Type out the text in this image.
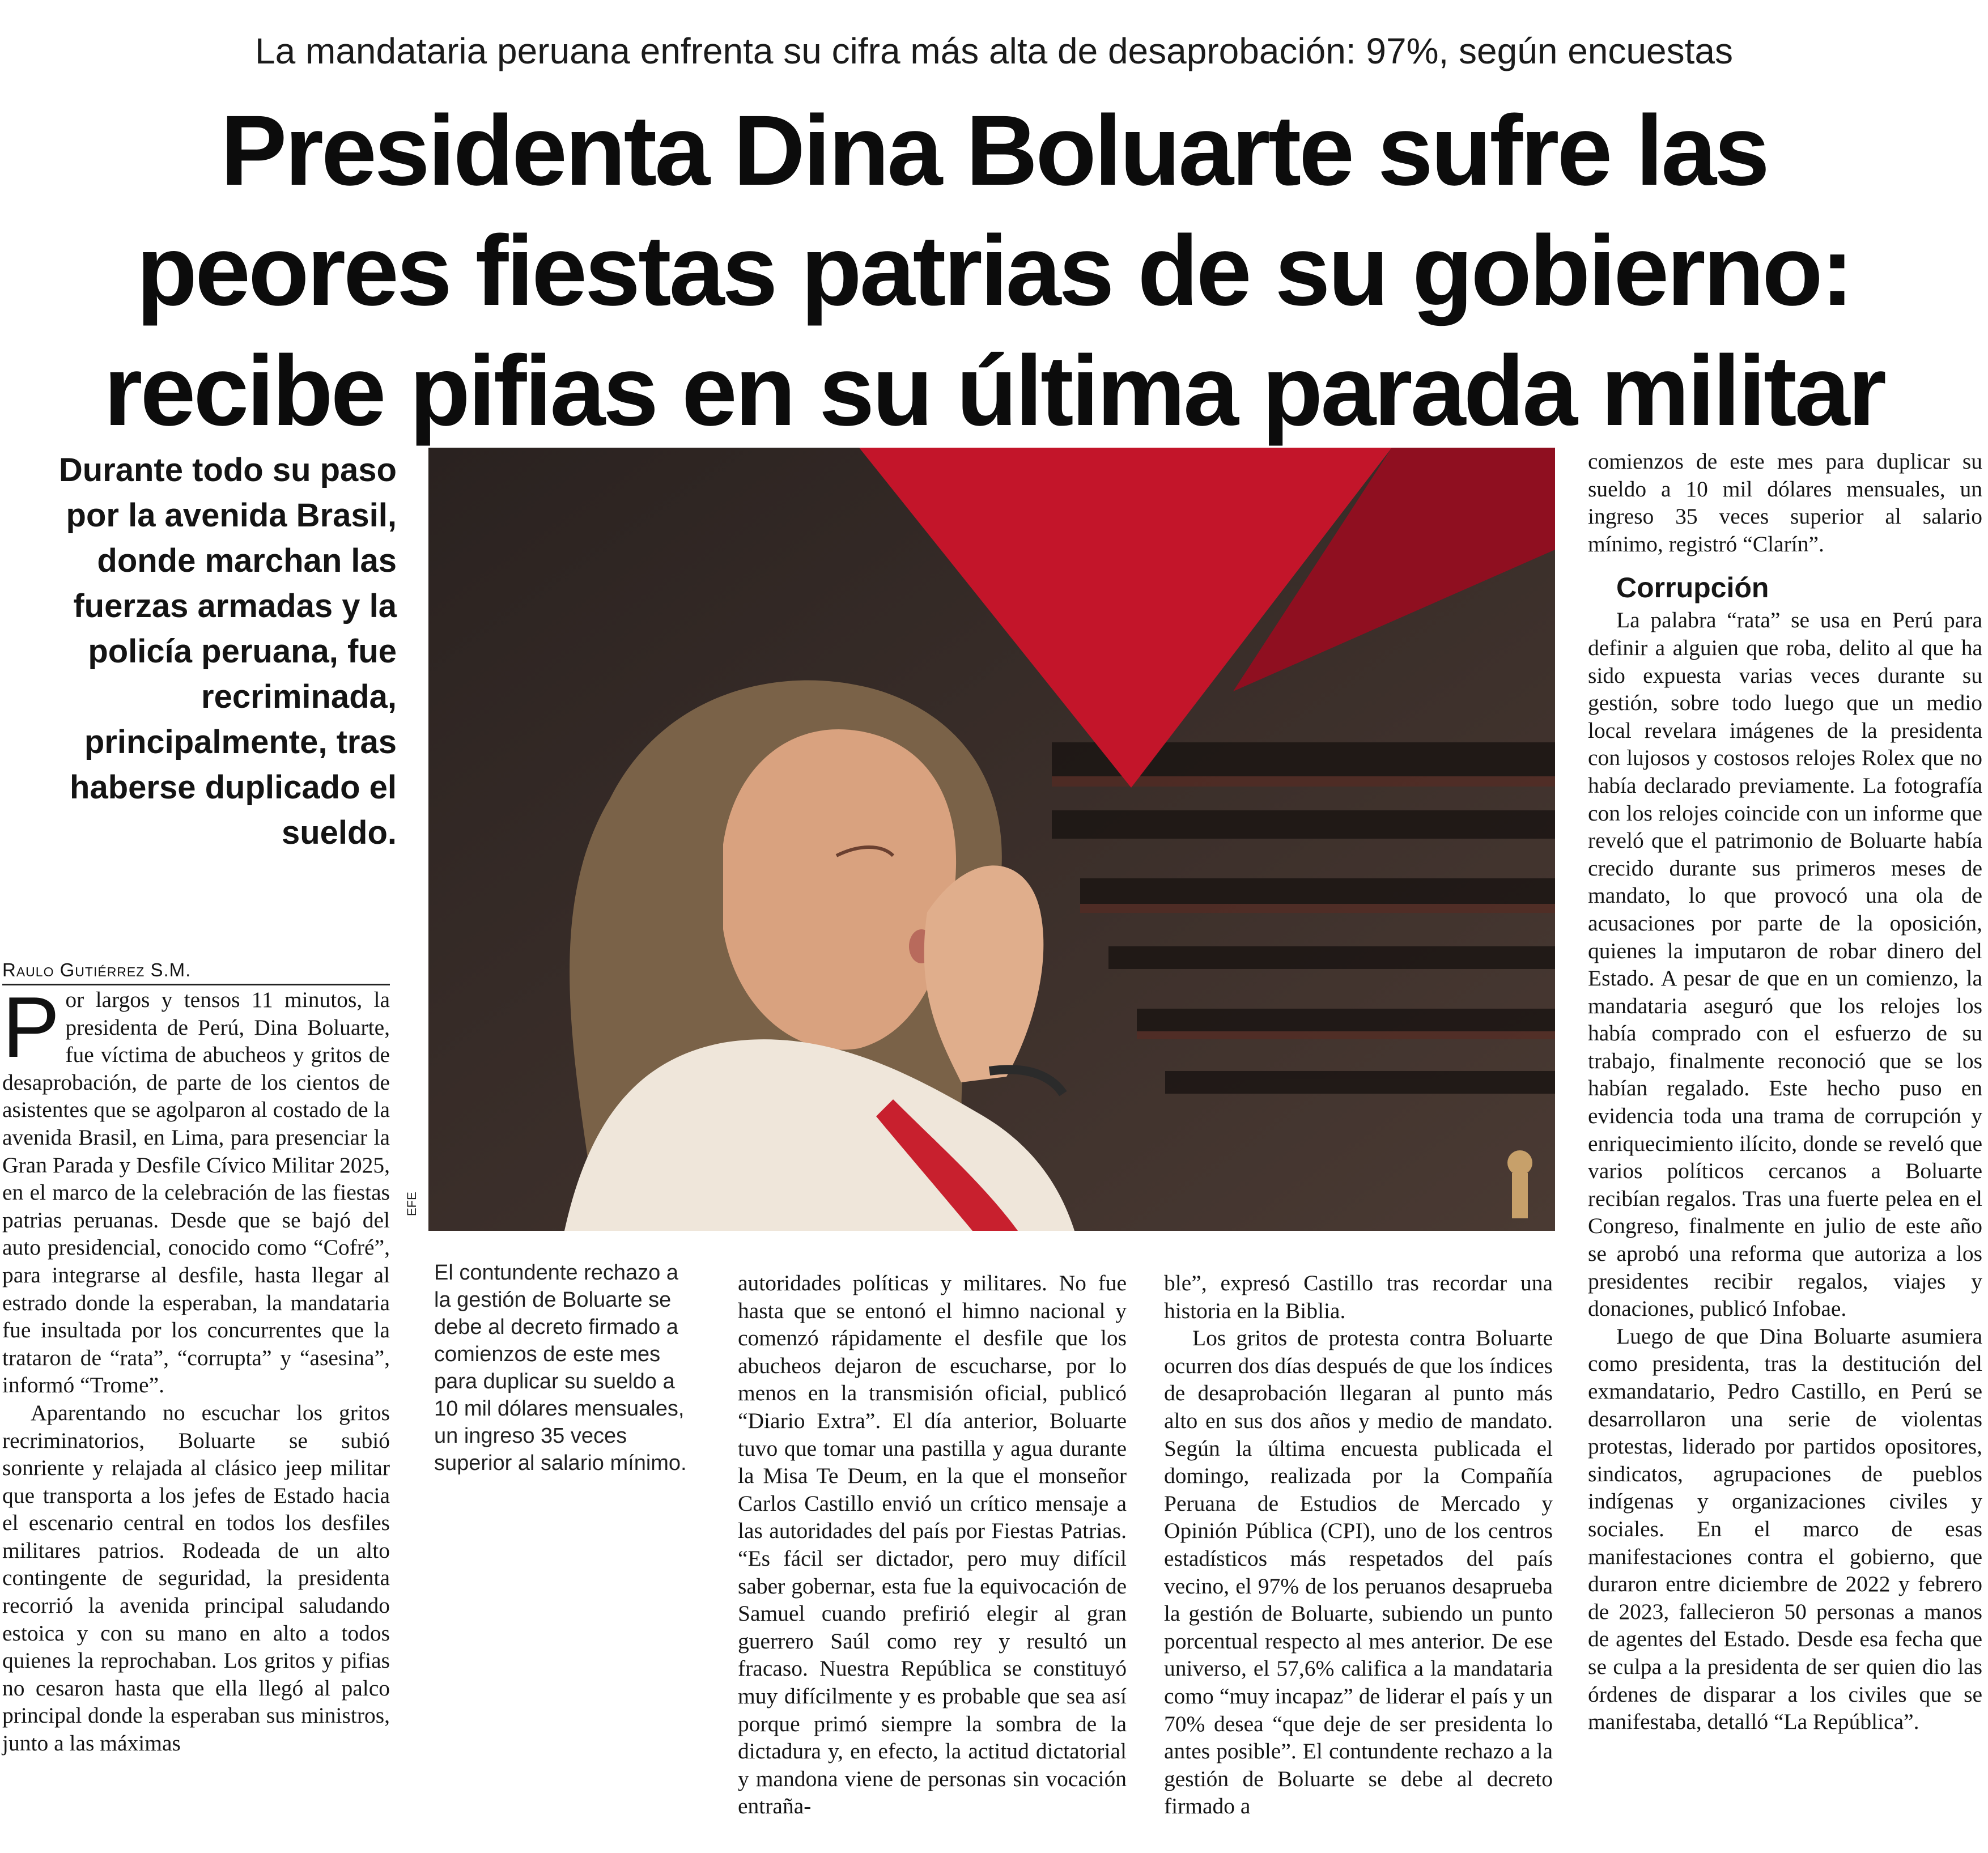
La mandataria peruana enfrenta su cifra más alta de desaprobación: 97%, según encuestas
Presidenta Dina Boluarte sufre las peores fiestas patrias de su gobierno: recibe pifias en su última parada militar
Durante todo su paso por la avenida Brasil, donde marchan las fuerzas armadas y la policía peruana, fue recriminada, principalmente, tras haberse duplicado el sueldo.
Raulo Gutiérrez S.M.

Por largos y tensos 11 minutos, la presidenta de Perú, Dina Boluarte, fue víctima de abucheos y gritos de desaprobación, de parte de los cientos de asistentes que se agolparon al costado de la avenida Brasil, en Lima, para presenciar la Gran Parada y Desfile Cívico Militar 2025, en el marco de la celebración de las fiestas patrias peruanas. Desde que se bajó del auto presidencial, conocido como “Cofré”, para integrarse al desfile, hasta llegar al estrado donde la esperaban, la mandataria fue insultada por los concurrentes que la trataron de “rata”, “corrupta” y “asesina”, informó “Trome”.

Aparentando no escuchar los gritos recriminatorios, Boluarte se subió sonriente y relajada al clásico jeep militar que transporta a los jefes de Estado hacia el escenario central en todos los desfiles militares patrios. Rodeada de un alto contingente de seguridad, la presidenta recorrió la avenida principal saludando estoica y con su mano en alto a todos quienes la reprochaban. Los gritos y pifias no cesaron hasta que ella llegó al palco principal donde la esperaban sus ministros, junto a las máximas

EFE
El contundente rechazo a la gestión de Boluarte se debe al decreto firmado a comienzos de este mes para duplicar su sueldo a 10 mil dólares mensuales, un ingreso 35 veces superior al salario mínimo.

autoridades políticas y militares. No fue hasta que se entonó el himno nacional y comenzó rápidamente el desfile que los abucheos dejaron de escucharse, por lo menos en la transmisión oficial, publicó “Diario Extra”. El día anterior, Boluarte tuvo que tomar una pastilla y agua durante la Misa Te Deum, en la que el monseñor Carlos Castillo envió un crítico mensaje a las autoridades del país por Fiestas Patrias. “Es fácil ser dictador, pero muy difícil saber gobernar, esta fue la equivocación de Samuel cuando prefirió elegir al gran guerrero Saúl como rey y resultó un fracaso. Nuestra República se constituyó muy difícilmente y es probable que sea así porque primó siempre la sombra de la dictadura y, en efecto, la actitud dictatorial y mandona viene de personas sin vocación entraña-

ble”, expresó Castillo tras recordar una historia en la Biblia.

Los gritos de protesta contra Boluarte ocurren dos días después de que los índices de desaprobación llegaran al punto más alto en sus dos años y medio de mandato. Según la última encuesta publicada el domingo, realizada por la Compañía Peruana de Estudios de Mercado y Opinión Pública (CPI), uno de los centros estadísticos más respetados del país vecino, el 97% de los peruanos desaprueba la gestión de Boluarte, subiendo un punto porcentual respecto al mes anterior. De ese universo, el 57,6% califica a la mandataria como “muy incapaz” de liderar el país y un 70% desea “que deje de ser presidenta lo antes posible”. El contundente rechazo a la gestión de Boluarte se debe al decreto firmado a

comienzos de este mes para duplicar su sueldo a 10 mil dólares mensuales, un ingreso 35 veces superior al salario mínimo, registró “Clarín”.

Corrupción

La palabra “rata” se usa en Perú para definir a alguien que roba, delito al que ha sido expuesta varias veces durante su gestión, sobre todo luego que un medio local revelara imágenes de la presidenta con lujosos y costosos relojes Rolex que no había declarado previamente. La fotografía con los relojes coincide con un informe que reveló que el patrimonio de Boluarte había crecido durante sus primeros meses de mandato, lo que provocó una ola de acusaciones por parte de la oposición, quienes la imputaron de robar dinero del Estado. A pesar de que en un comienzo, la mandataria aseguró que los relojes los había comprado con el esfuerzo de su trabajo, finalmente reconoció que se los habían regalado. Este hecho puso en evidencia toda una trama de corrupción y enriquecimiento ilícito, donde se reveló que varios políticos cercanos a Boluarte recibían regalos. Tras una fuerte pelea en el Congreso, finalmente en julio de este año se aprobó una reforma que autoriza a los presidentes recibir regalos, viajes y donaciones, publicó Infobae.

Luego de que Dina Boluarte asumiera como presidenta, tras la destitución del exmandatario, Pedro Castillo, en Perú se desarrollaron una serie de violentas protestas, liderado por partidos opositores, sindicatos, agrupaciones de pueblos indígenas y organizaciones civiles y sociales. En el marco de esas manifestaciones contra el gobierno, que duraron entre diciembre de 2022 y febrero de 2023, fallecieron 50 personas a manos de agentes del Estado. Desde esa fecha que se culpa a la presidenta de ser quien dio las órdenes de disparar a los civiles que se manifestaba, detalló “La República”.
